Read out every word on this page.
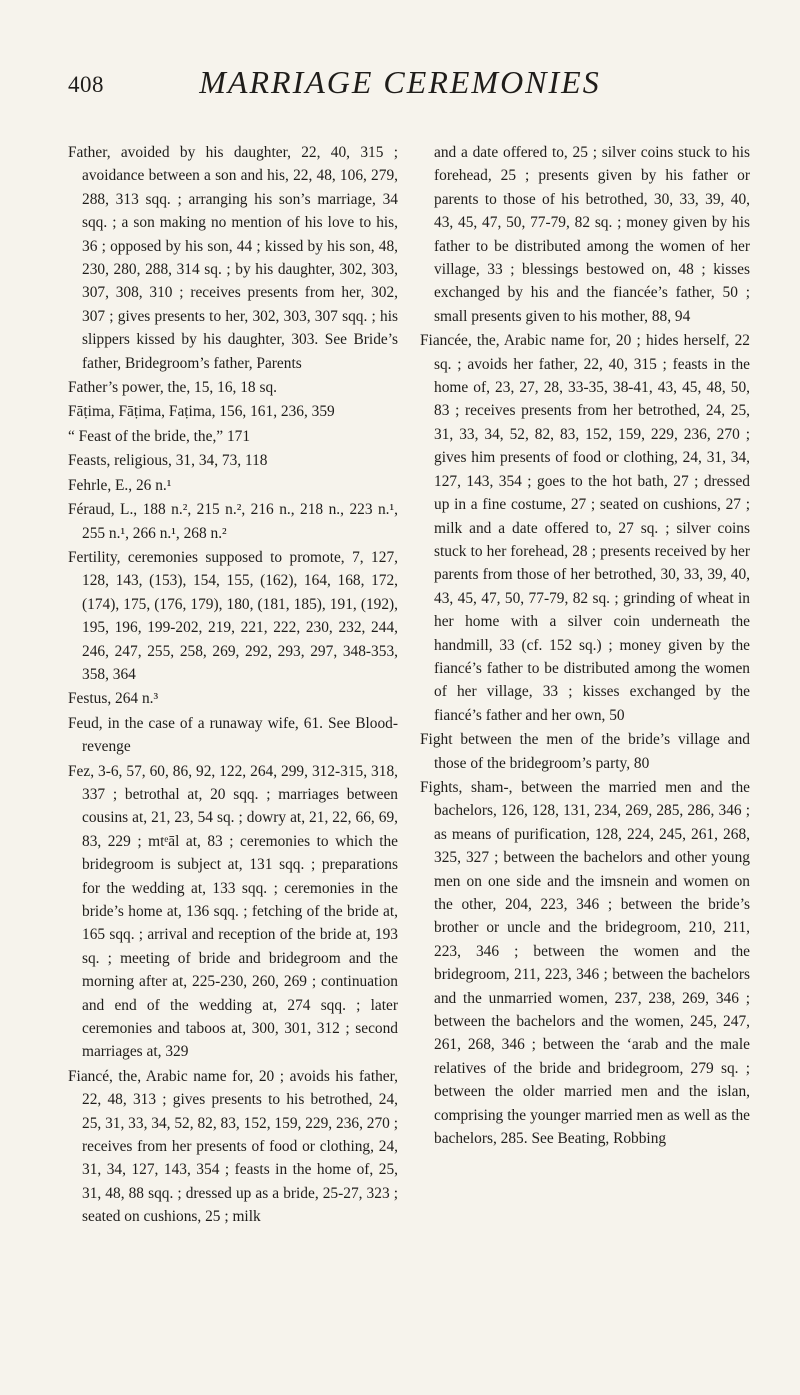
408	MARRIAGE CEREMONIES

Father, avoided by his daughter, 22, 40, 315 ; avoidance between a son and his, 22, 48, 106, 279, 288, 313 sqq. ; arranging his son’s marriage, 34 sqq. ; a son making no mention of his love to his, 36 ; opposed by his son, 44 ; kissed by his son, 48, 230, 280, 288, 314 sq. ; by his daughter, 302, 303, 307, 308, 310 ; receives presents from her, 302, 307 ; gives presents to her, 302, 303, 307 sqq. ; his slippers kissed by his daughter, 303. See Bride’s father, Bridegroom’s father, Parents

Father’s power, the, 15, 16, 18 sq.

Fāṭima, Fāṭima, Faṭima, 156, 161, 236, 359

“ Feast of the bride, the,” 171

Feasts, religious, 31, 34, 73, 118

Fehrle, E., 26 n.¹

Féraud, L., 188 n.², 215 n.², 216 n., 218 n., 223 n.¹, 255 n.¹, 266 n.¹, 268 n.²

Fertility, ceremonies supposed to promote, 7, 127, 128, 143, (153), 154, 155, (162), 164, 168, 172, (174), 175, (176, 179), 180, (181, 185), 191, (192), 195, 196, 199-202, 219, 221, 222, 230, 232, 244, 246, 247, 255, 258, 269, 292, 293, 297, 348-353, 358, 364

Festus, 264 n.³

Feud, in the case of a runaway wife, 61. See Blood-revenge

Fez, 3-6, 57, 60, 86, 92, 122, 264, 299, 312-315, 318, 337 ; betrothal at, 20 sqq. ; marriages between cousins at, 21, 23, 54 sq. ; dowry at, 21, 22, 66, 69, 83, 229 ; mtᵉāl at, 83 ; ceremonies to which the bridegroom is subject at, 131 sqq. ; preparations for the wedding at, 133 sqq. ; ceremonies in the bride’s home at, 136 sqq. ; fetching of the bride at, 165 sqq. ; arrival and reception of the bride at, 193 sq. ; meeting of bride and bridegroom and the morning after at, 225-230, 260, 269 ; continuation and end of the wedding at, 274 sqq. ; later ceremonies and taboos at, 300, 301, 312 ; second marriages at, 329

Fiancé, the, Arabic name for, 20 ; avoids his father, 22, 48, 313 ; gives presents to his betrothed, 24, 25, 31, 33, 34, 52, 82, 83, 152, 159, 229, 236, 270 ; receives from her presents of food or clothing, 24, 31, 34, 127, 143, 354 ; feasts in the home of, 25, 31, 48, 88 sqq. ; dressed up as a bride, 25-27, 323 ; seated on cushions, 25 ; milk

and a date offered to, 25 ; silver coins stuck to his forehead, 25 ; presents given by his father or parents to those of his betrothed, 30, 33, 39, 40, 43, 45, 47, 50, 77-79, 82 sq. ; money given by his father to be distributed among the women of her village, 33 ; blessings bestowed on, 48 ; kisses exchanged by his and the fiancée’s father, 50 ; small presents given to his mother, 88, 94

Fiancée, the, Arabic name for, 20 ; hides herself, 22 sq. ; avoids her father, 22, 40, 315 ; feasts in the home of, 23, 27, 28, 33-35, 38-41, 43, 45, 48, 50, 83 ; receives presents from her betrothed, 24, 25, 31, 33, 34, 52, 82, 83, 152, 159, 229, 236, 270 ; gives him presents of food or clothing, 24, 31, 34, 127, 143, 354 ; goes to the hot bath, 27 ; dressed up in a fine costume, 27 ; seated on cushions, 27 ; milk and a date offered to, 27 sq. ; silver coins stuck to her forehead, 28 ; presents received by her parents from those of her betrothed, 30, 33, 39, 40, 43, 45, 47, 50, 77-79, 82 sq. ; grinding of wheat in her home with a silver coin underneath the handmill, 33 (cf. 152 sq.) ; money given by the fiancé’s father to be distributed among the women of her village, 33 ; kisses exchanged by the fiancé’s father and her own, 50

Fight between the men of the bride’s village and those of the bridegroom’s party, 80

Fights, sham-, between the married men and the bachelors, 126, 128, 131, 234, 269, 285, 286, 346 ; as means of purification, 128, 224, 245, 261, 268, 325, 327 ; between the bachelors and other young men on one side and the imsnein and women on the other, 204, 223, 346 ; between the bride’s brother or uncle and the bridegroom, 210, 211, 223, 346 ; between the women and the bridegroom, 211, 223, 346 ; between the bachelors and the unmarried women, 237, 238, 269, 346 ; between the bachelors and the women, 245, 247, 261, 268, 346 ; between the ‘arab and the male relatives of the bride and bridegroom, 279 sq. ; between the older married men and the islan, comprising the younger married men as well as the bachelors, 285. See Beating, Robbing
